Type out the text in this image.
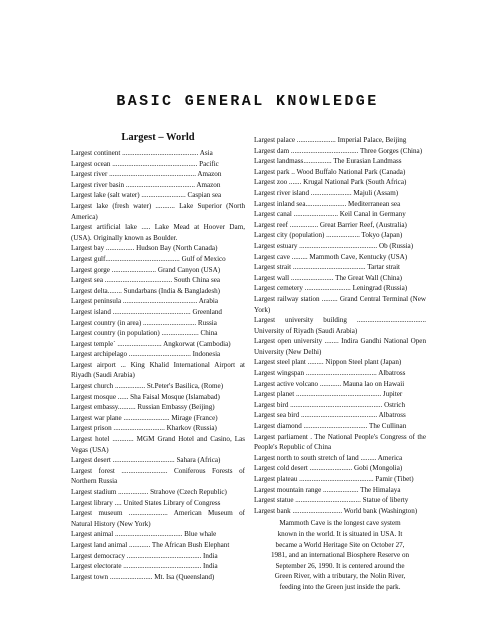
BASIC GENERAL KNOWLEDGE
Largest – World
Largest continent ........................................... Asia
Largest ocean ................................................ Pacific
Largest river ................................................. Amazon
Largest river basin ....................................... Amazon
Largest lake (salt water) ......................... Caspian sea
Largest lake (fresh water) ........... Lake Superior (North America)
Largest artificial lake ..... Lake Mead at Hoover Dam, (USA). Originally known as Boulder.
Largest bay ................ Hudson Bay (North Canada)
Largest gulf.......................................... Gulf of Mexico
Largest gorge ......................... Grand Canyon (USA)
Largest sea ...................................... South China sea
Largest delta........ Sundarbans (India & Bangladesh)
Largest peninsula .......................................... Arabia
Largest island ............................................ Greenland
Largest country (in area) .............................. Russia
Largest country (in population) ..................... China
Largest temple` ......................... Angkorwat (Cambodia)
Largest archipelago ................................... Indonesia
Largest airport ... King Khalid International Airport at Riyadh (Saudi Arabia)
Largest church ................. St.Peter's Basilica, (Rome)
Largest mosque ...... Sha Faisal Mosque (Islamabad)
Largest embassy.......... Russian Embassy (Beijing)
Largest war plane .......................... Mirage (France)
Largest prison ............................. Kharkov (Russia)
Largest hotel ............ MGM Grand Hotel and Casino, Las Vegas (USA)
Largest desert ................................... Sahara (Africa)
Largest forest .......................... Coniferous Forests of Northern Russia
Largest stadium ................. Strahove (Czech Republic)
Largest library .... United States Library of Congress
Largest museum ...................... American Museum of Natural History (New York)
Largest animal ...................................... Blue whale
Largest land animal ............ The African Bush Elephant
Largest democracy .......................................... India
Largest electorate ............................................ India
Largest town ........................ Mt. Isa (Queensland)
Largest palace ...................... Imperial Palace, Beijing
Largest dam ...................................... Three Gorges (China)
Largest landmass................ The Eurasian Landmass
Largest park .. Wood Buffalo National Park (Canada)
Largest zoo ....... Krugal National Park (South Africa)
Largest river island ....................... Majuli (Assam)
Largest inland sea....................... Mediterranean sea
Largest canal ......................... Keil Canal in Germany
Largest reef ................ Great Barrier Reef, (Australia)
Largest city (population) ................... Tokyo (Japan)
Largest estuary ............................................ Ob (Russia)
Largest cave ......... Mammoth Cave, Kentucky (USA)
Largest strait ......................................... Tartar strait
Largest wall ........................ The Great Wall (China)
Largest cemetery .......................... Leningrad (Russia)
Largest railway station ......... Grand Central Terminal (New York)
Largest university building ....................................... University of Riyadh (Saudi Arabia)
Largest open university ........ Indira Gandhi National Open University (New Delhi)
Largest steel plant ......... Nippon Steel plant (Japan)
Largest wingspan ........................................ Albatross
Largest active volcano ............ Mauna lao on Hawaii
Largest planet ................................................ Jupiter
Largest bird .................................................... Ostrich
Largest sea bird ........................................... Albatross
Largest diamond .................................... The Cullinan
Largest parliament . The National People's Congress of the People's Republic of China
Largest north to south stretch of land ......... America
Largest cold desert ........................ Gobi (Mongolia)
Largest plateau .......................................... Pamir (Tibet)
Largest mountain range .................... The Himalaya
Largest statue ..................................... Statue of liberty
Largest bank ............................ World bank (Washington)
Mammoth Cave is the longest cave system
known in the world. It is situated in USA. It
became a World Heritage Site on October 27,
1981, and an international Biosphere Reserve on
September 26, 1990. It is centered around the
Green River, with a tributary, the Nolin River,
feeding into the Green just inside the park.
